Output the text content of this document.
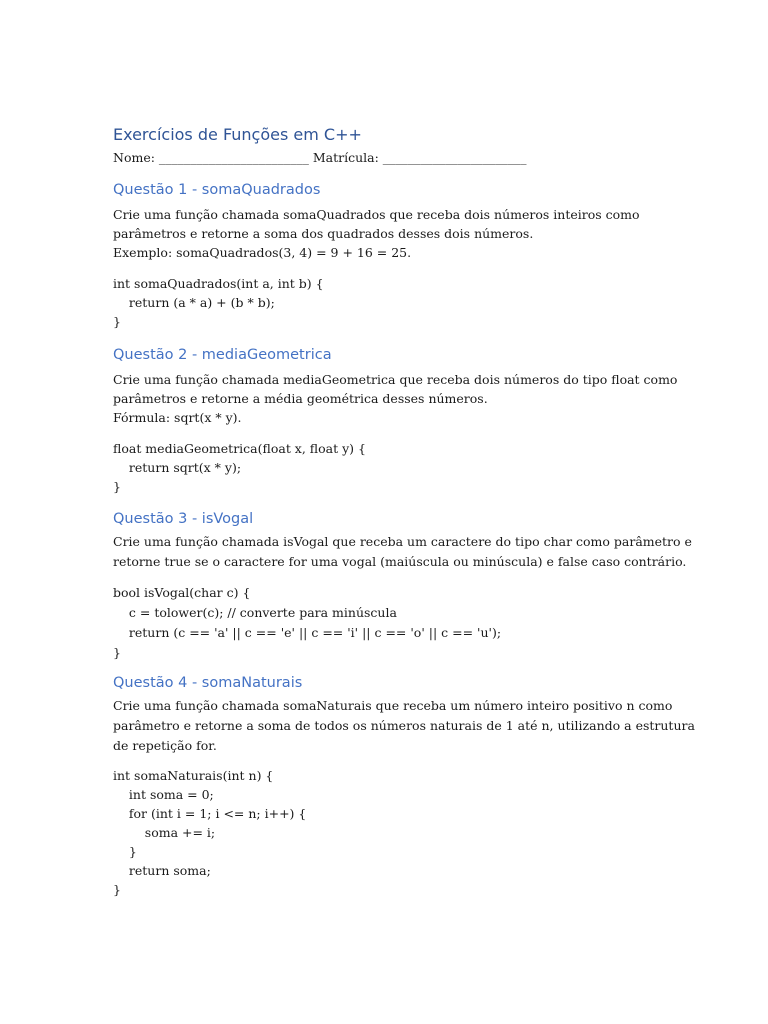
Exercícios de Funções em C++
Nome: ________________________ Matrícula: _______________________
Questão 1 - somaQuadrados
Crie uma função chamada somaQuadrados que receba dois números inteiros como
parâmetros e retorne a soma dos quadrados desses dois números.
Exemplo: somaQuadrados(3, 4) = 9 + 16 = 25.
int somaQuadrados(int a, int b) {
return (a * a) + (b * b);
}
Questão 2 - mediaGeometrica
Crie uma função chamada mediaGeometrica que receba dois números do tipo float como
parâmetros e retorne a média geométrica desses números.
Fórmula: sqrt(x * y).
float mediaGeometrica(float x, float y) {
return sqrt(x * y);
}
Questão 3 - isVogal
Crie uma função chamada isVogal que receba um caractere do tipo char como parâmetro e
retorne true se o caractere for uma vogal (maiúscula ou minúscula) e false caso contrário.
bool isVogal(char c) {
c = tolower(c); // converte para minúscula
return (c == 'a' || c == 'e' || c == 'i' || c == 'o' || c == 'u');
}
Questão 4 - somaNaturais
Crie uma função chamada somaNaturais que receba um número inteiro positivo n como
parâmetro e retorne a soma de todos os números naturais de 1 até n, utilizando a estrutura
de repetição for.
int somaNaturais(int n) {
int soma = 0;
for (int i = 1; i <= n; i++) {
soma += i;
}
return soma;
}
